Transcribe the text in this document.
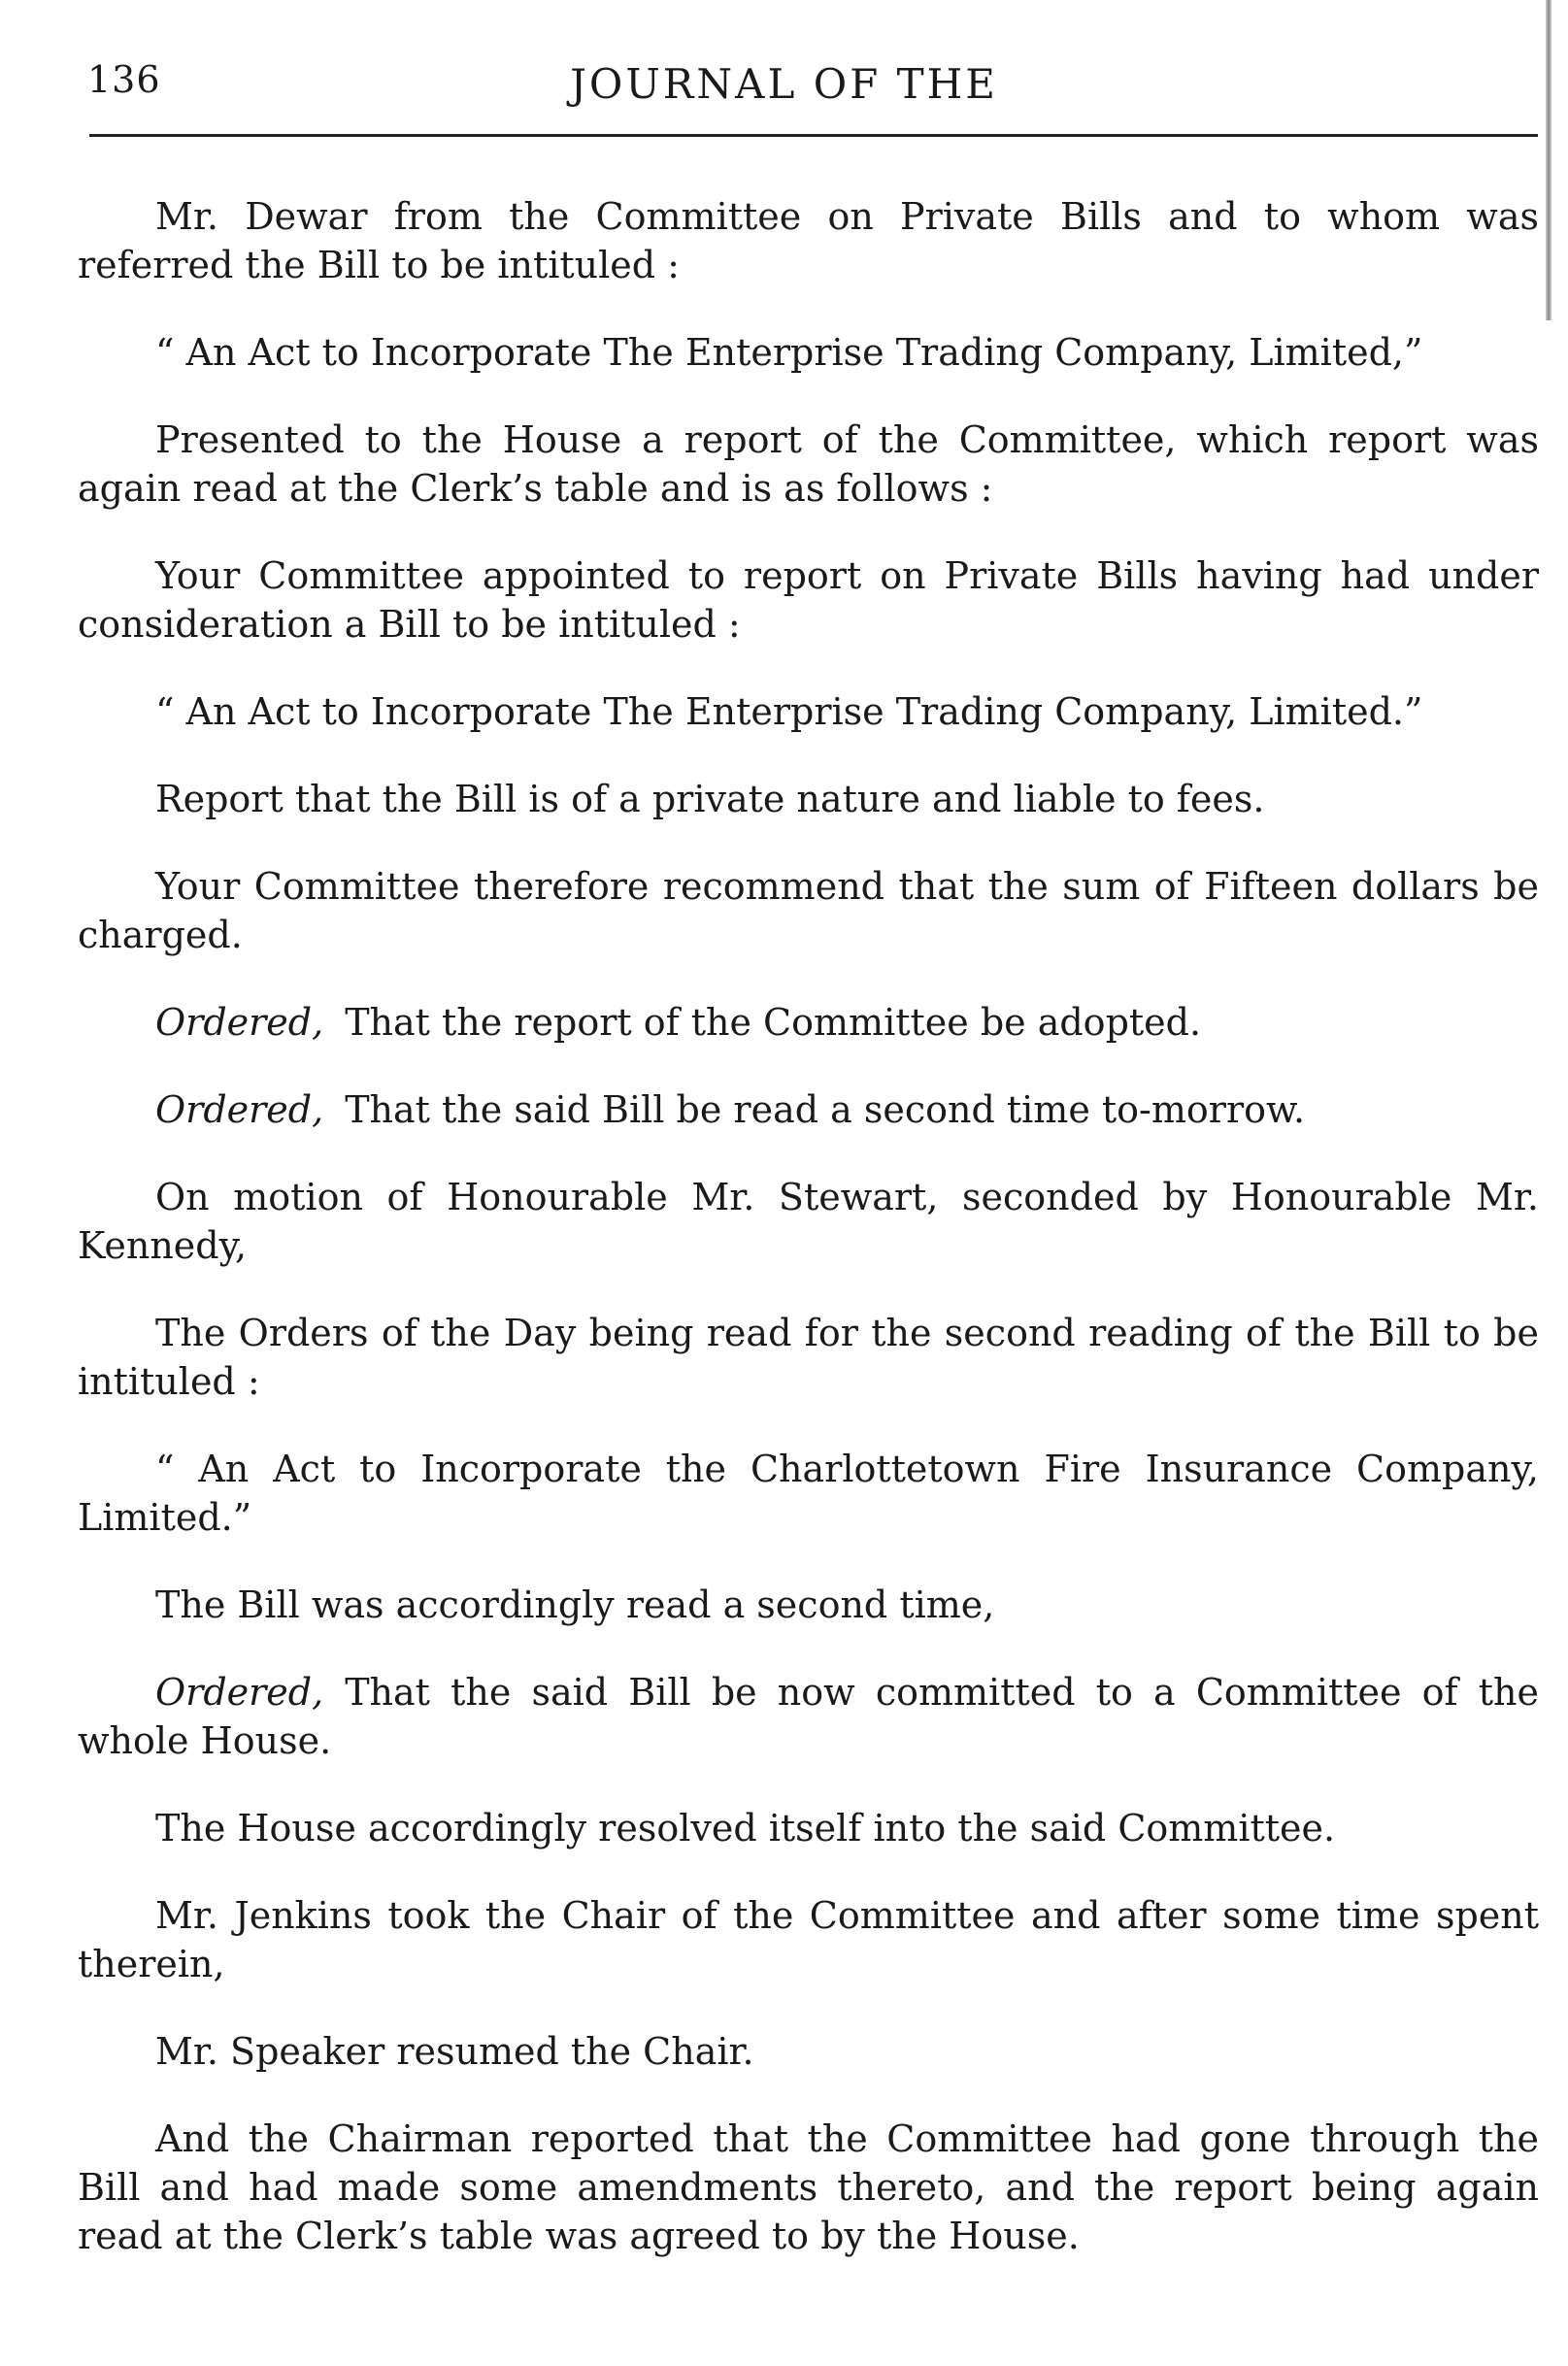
136	JOURNAL OF THE

Mr. Dewar from the Committee on Private Bills and to whom was referred the Bill to be intituled :

“ An Act to Incorporate The Enterprise Trading Company, Limited,”

Presented to the House a report of the Committee, which report was again read at the Clerk’s table and is as follows :

Your Committee appointed to report on Private Bills having had under consideration a Bill to be intituled :

“ An Act to Incorporate The Enterprise Trading Company, Limited.”

Report that the Bill is of a private nature and liable to fees.

Your Committee therefore recommend that the sum of Fifteen dollars be charged.

Ordered, That the report of the Committee be adopted.

Ordered, That the said Bill be read a second time to-morrow.

On motion of Honourable Mr. Stewart, seconded by Honourable Mr. Kennedy,

The Orders of the Day being read for the second reading of the Bill to be intituled :

“ An Act to Incorporate the Charlottetown Fire Insurance Company, Limited.”

The Bill was accordingly read a second time,

Ordered, That the said Bill be now committed to a Committee of the whole House.

The House accordingly resolved itself into the said Committee.

Mr. Jenkins took the Chair of the Committee and after some time spent therein,

Mr. Speaker resumed the Chair.

And the Chairman reported that the Committee had gone through the Bill and had made some amendments thereto, and the report being again read at the Clerk’s table was agreed to by the House.
